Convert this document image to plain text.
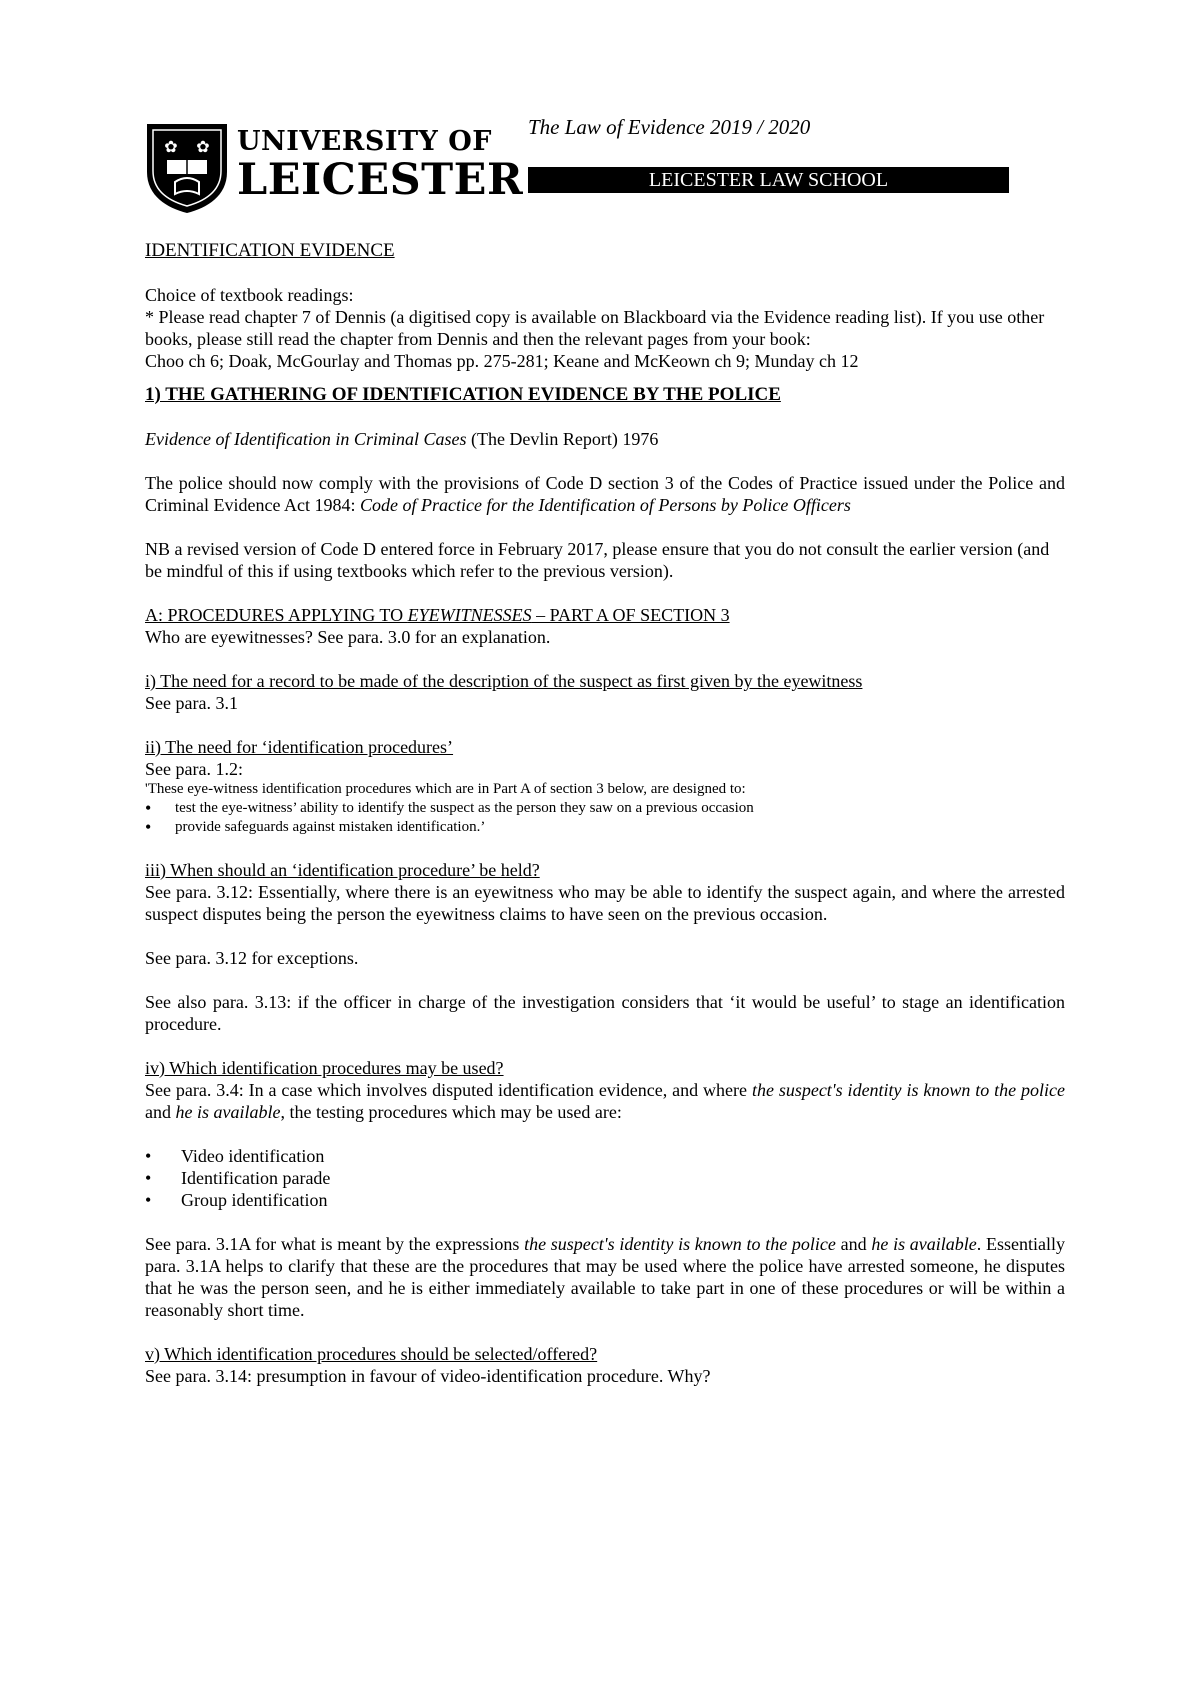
✿ ✿ UNIVERSITY OF
LEICESTER
The Law of Evidence 2019 / 2020
LEICESTER LAW SCHOOL

IDENTIFICATION EVIDENCE

Choice of textbook readings:

* Please read chapter 7 of Dennis (a digitised copy is available on Blackboard via the Evidence reading list). If you use other books, please still read the chapter from Dennis and then the relevant pages from your book:

Choo ch 6; Doak, McGourlay and Thomas pp. 275-281; Keane and McKeown ch 9; Munday ch 12

1) THE GATHERING OF IDENTIFICATION EVIDENCE BY THE POLICE

Evidence of Identification in Criminal Cases (The Devlin Report) 1976

The police should now comply with the provisions of Code D section 3 of the Codes of Practice issued under the Police and Criminal Evidence Act 1984: Code of Practice for the Identification of Persons by Police Officers

NB a revised version of Code D entered force in February 2017, please ensure that you do not consult the earlier version (and be mindful of this if using textbooks which refer to the previous version).

A: PROCEDURES APPLYING TO EYEWITNESSES – PART A OF SECTION 3

Who are eyewitnesses? See para. 3.0 for an explanation.

i) The need for a record to be made of the description of the suspect as first given by the eyewitness

See para. 3.1

ii) The need for ‘identification procedures’

See para. 1.2:

'These eye-witness identification procedures which are in Part A of section 3 below, are designed to:

• test the eye-witness’ ability to identify the suspect as the person they saw on a previous occasion
• provide safeguards against mistaken identification.’

iii) When should an ‘identification procedure’ be held?

See para. 3.12: Essentially, where there is an eyewitness who may be able to identify the suspect again, and where the arrested suspect disputes being the person the eyewitness claims to have seen on the previous occasion.

See para. 3.12 for exceptions.

See also para. 3.13: if the officer in charge of the investigation considers that ‘it would be useful’ to stage an identification procedure.

iv) Which identification procedures may be used?

See para. 3.4: In a case which involves disputed identification evidence, and where the suspect's identity is known to the police and he is available, the testing procedures which may be used are:

• Video identification
• Identification parade
• Group identification

See para. 3.1A for what is meant by the expressions the suspect's identity is known to the police and he is available. Essentially para. 3.1A helps to clarify that these are the procedures that may be used where the police have arrested someone, he disputes that he was the person seen, and he is either immediately available to take part in one of these procedures or will be within a reasonably short time.

v) Which identification procedures should be selected/offered?

See para. 3.14: presumption in favour of video-identification procedure. Why?
